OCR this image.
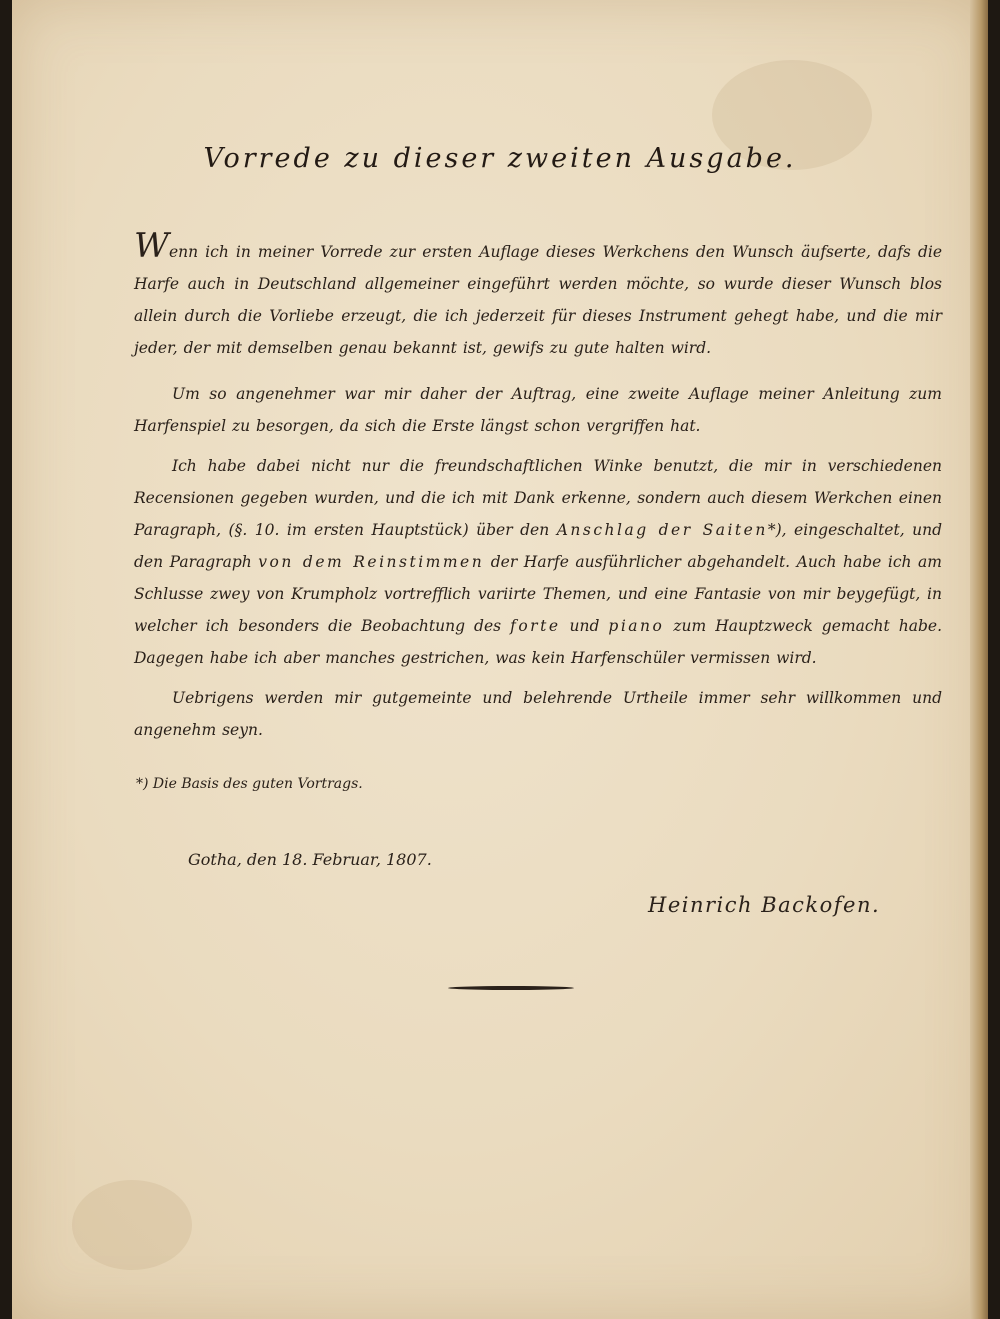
Vorrede zu dieser zweiten Ausgabe.
Wenn ich in meiner Vorrede zur ersten Auflage dieses Werkchens den Wunsch äufserte, dafs die Harfe auch in Deutschland allgemeiner eingeführt werden möchte, so wurde dieser Wunsch blos allein durch die Vorliebe erzeugt, die ich jederzeit für dieses Instrument gehegt habe, und die mir jeder, der mit demselben genau bekannt ist, gewifs zu gute halten wird.
Um so angenehmer war mir daher der Auftrag, eine zweite Auflage meiner Anleitung zum Harfenspiel zu besorgen, da sich die Erste längst schon vergriffen hat.
Ich habe dabei nicht nur die freundschaftlichen Winke benutzt, die mir in verschiedenen Recensionen gegeben wurden, und die ich mit Dank erkenne, sondern auch diesem Werkchen einen Paragraph, (§. 10. im ersten Hauptstück) über den Anschlag der Saiten*), eingeschaltet, und den Paragraph von dem Reinstimmen der Harfe ausführlicher abgehandelt. Auch habe ich am Schlusse zwey von Krumpholz vortrefflich variirte Themen, und eine Fantasie von mir beygefügt, in welcher ich besonders die Beobachtung des forte und piano zum Hauptzweck gemacht habe. Dagegen habe ich aber manches gestrichen, was kein Harfenschüler vermissen wird.
Uebrigens werden mir gutgemeinte und belehrende Urtheile immer sehr willkommen und angenehm seyn.
*) Die Basis des guten Vortrags.
Gotha, den 18. Februar, 1807.
Heinrich Backofen.
